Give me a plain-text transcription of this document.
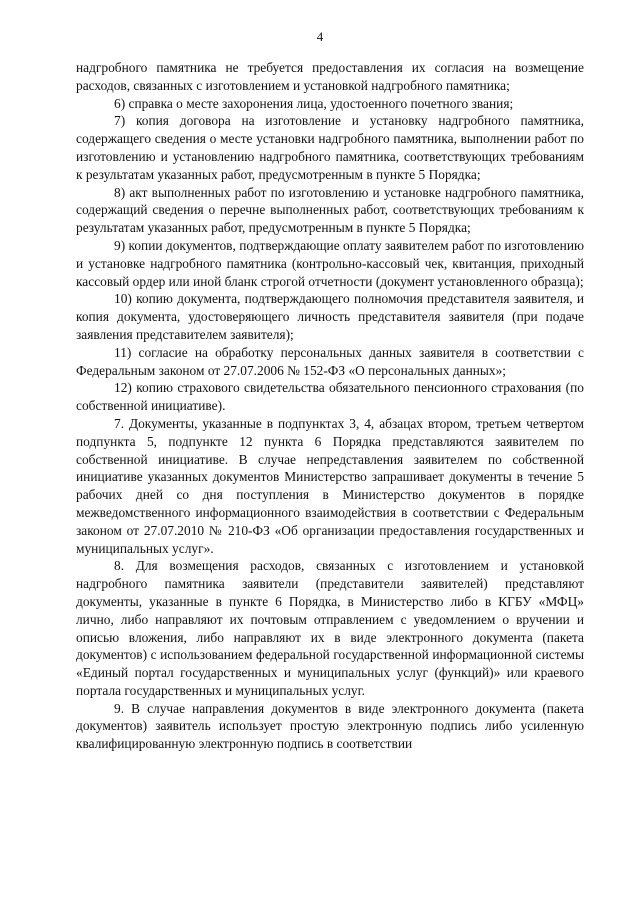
4

надгробного памятника не требуется предоставления их согласия на возмещение расходов, связанных с изготовлением и установкой надгробного памятника;

6) справка о месте захоронения лица, удостоенного почетного звания;

7) копия договора на изготовление и установку надгробного памятника, содержащего сведения о месте установки надгробного памятника, выполнении работ по изготовлению и установлению надгробного памятника, соответствующих требованиям к результатам указанных работ, предусмотренным в пункте 5 Порядка;

8) акт выполненных работ по изготовлению и установке надгробного памятника, содержащий сведения о перечне выполненных работ, соответствующих требованиям к результатам указанных работ, предусмотренным в пункте 5 Порядка;

9) копии документов, подтверждающие оплату заявителем работ по изготовлению и установке надгробного памятника (контрольно-кассовый чек, квитанция, приходный кассовый ордер или иной бланк строгой отчетности (документ установленного образца);

10) копию документа, подтверждающего полномочия представителя заявителя, и копия документа, удостоверяющего личность представителя заявителя (при подаче заявления представителем заявителя);

11) согласие на обработку персональных данных заявителя в соответствии с Федеральным законом от 27.07.2006 № 152-ФЗ «О персональных данных»;

12) копию страхового свидетельства обязательного пенсионного страхования (по собственной инициативе).

7. Документы, указанные в подпунктах 3, 4, абзацах втором, третьем четвертом подпункта 5, подпункте 12 пункта 6 Порядка представляются заявителем по собственной инициативе. В случае непредставления заявителем по собственной инициативе указанных документов Министерство запрашивает документы в течение 5 рабочих дней со дня поступления в Министерство документов в порядке межведомственного информационного взаимодействия в соответствии с Федеральным законом от 27.07.2010 № 210-ФЗ «Об организации предоставления государственных и муниципальных услуг».

8. Для возмещения расходов, связанных с изготовлением и установкой надгробного памятника заявители (представители заявителей) представляют документы, указанные в пункте 6 Порядка, в Министерство либо в КГБУ «МФЦ» лично, либо направляют их почтовым отправлением с уведомлением о вручении и описью вложения, либо направляют их в виде электронного документа (пакета документов) с использованием федеральной государственной информационной системы «Единый портал государственных и муниципальных услуг (функций)» или краевого портала государственных и муниципальных услуг.

9. В случае направления документов в виде электронного документа (пакета документов) заявитель использует простую электронную подпись либо усиленную квалифицированную электронную подпись в соответствии
